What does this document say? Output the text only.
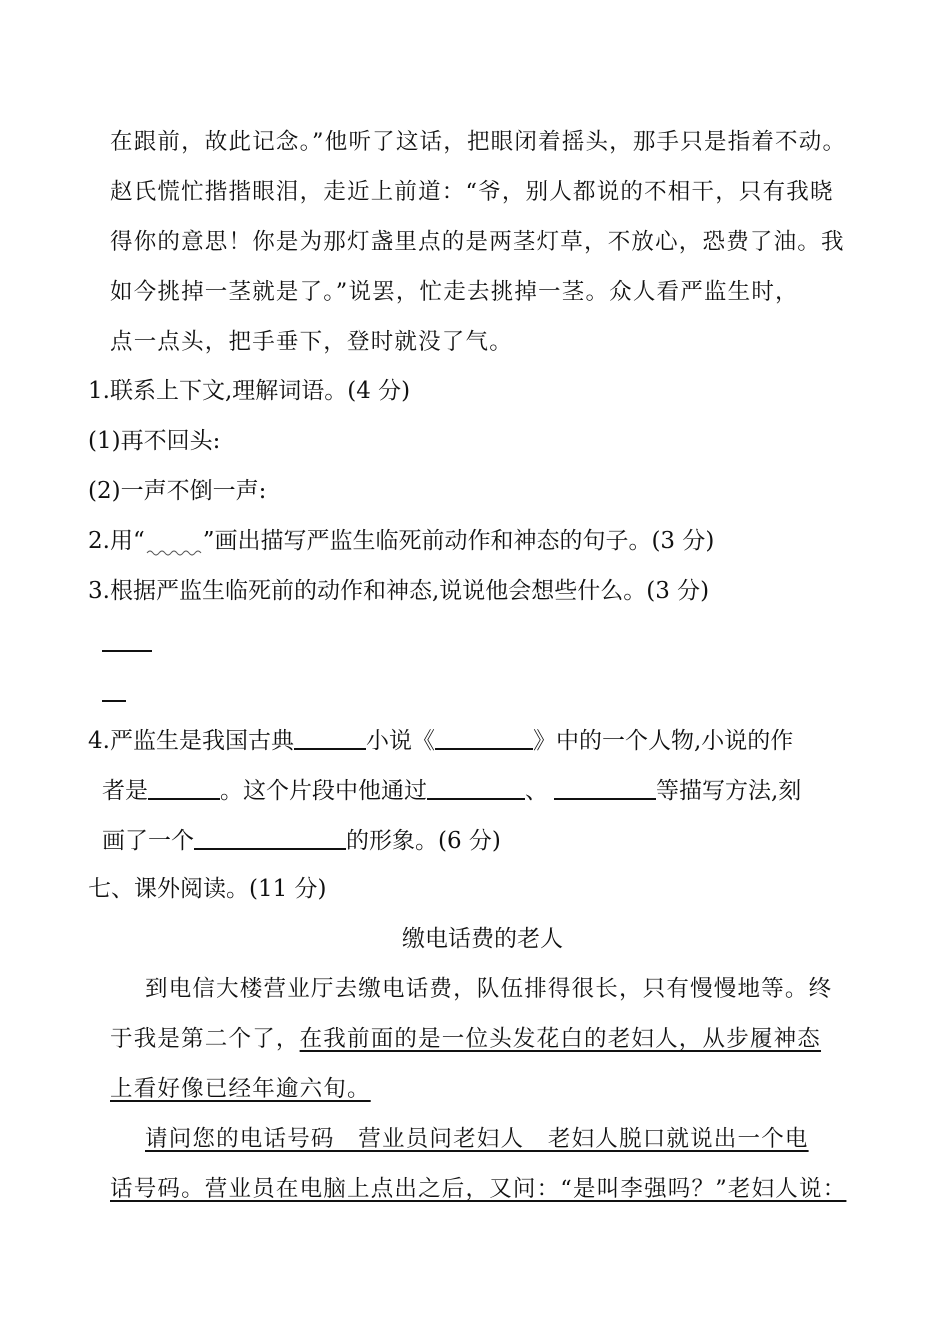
在跟前，故此记念。”他听了这话，把眼闭着摇头，那手只是指着不动。
赵氏慌忙揩揩眼泪，走近上前道：“爷，别人都说的不相干，只有我晓
得你的意思！你是为那灯盏里点的是两茎灯草，不放心，恐费了油。我
如今挑掉一茎就是了。”说罢，忙走去挑掉一茎。众人看严监生时，
点一点头，把手垂下，登时就没了气。
1.联系上下文,理解词语。(4 分)
(1)再不回头:
(2)一声不倒一声:
2.用“	”画出描写严监生临死前动作和神态的句子。(3 分)
3.根据严监生临死前的动作和神态,说说他会想些什么。(3 分)
4.严监生是我国古典	小说《	》中的一个人物,小说的作
者是	。这个片段中他通过	、	等描写方法,刻
画了一个	的形象。(6 分)
七、课外阅读。(11 分)
缴电话费的老人
到电信大楼营业厅去缴电话费，队伍排得很长，只有慢慢地等。终
于我是第二个了，在我前面的是一位头发花白的老妇人，从步履神态
上看好像已经年逾六旬。
请问您的电话号码　营业员问老妇人　老妇人脱口就说出一个电
话号码。营业员在电脑上点出之后，又问：“是叫李强吗？”老妇人说：
